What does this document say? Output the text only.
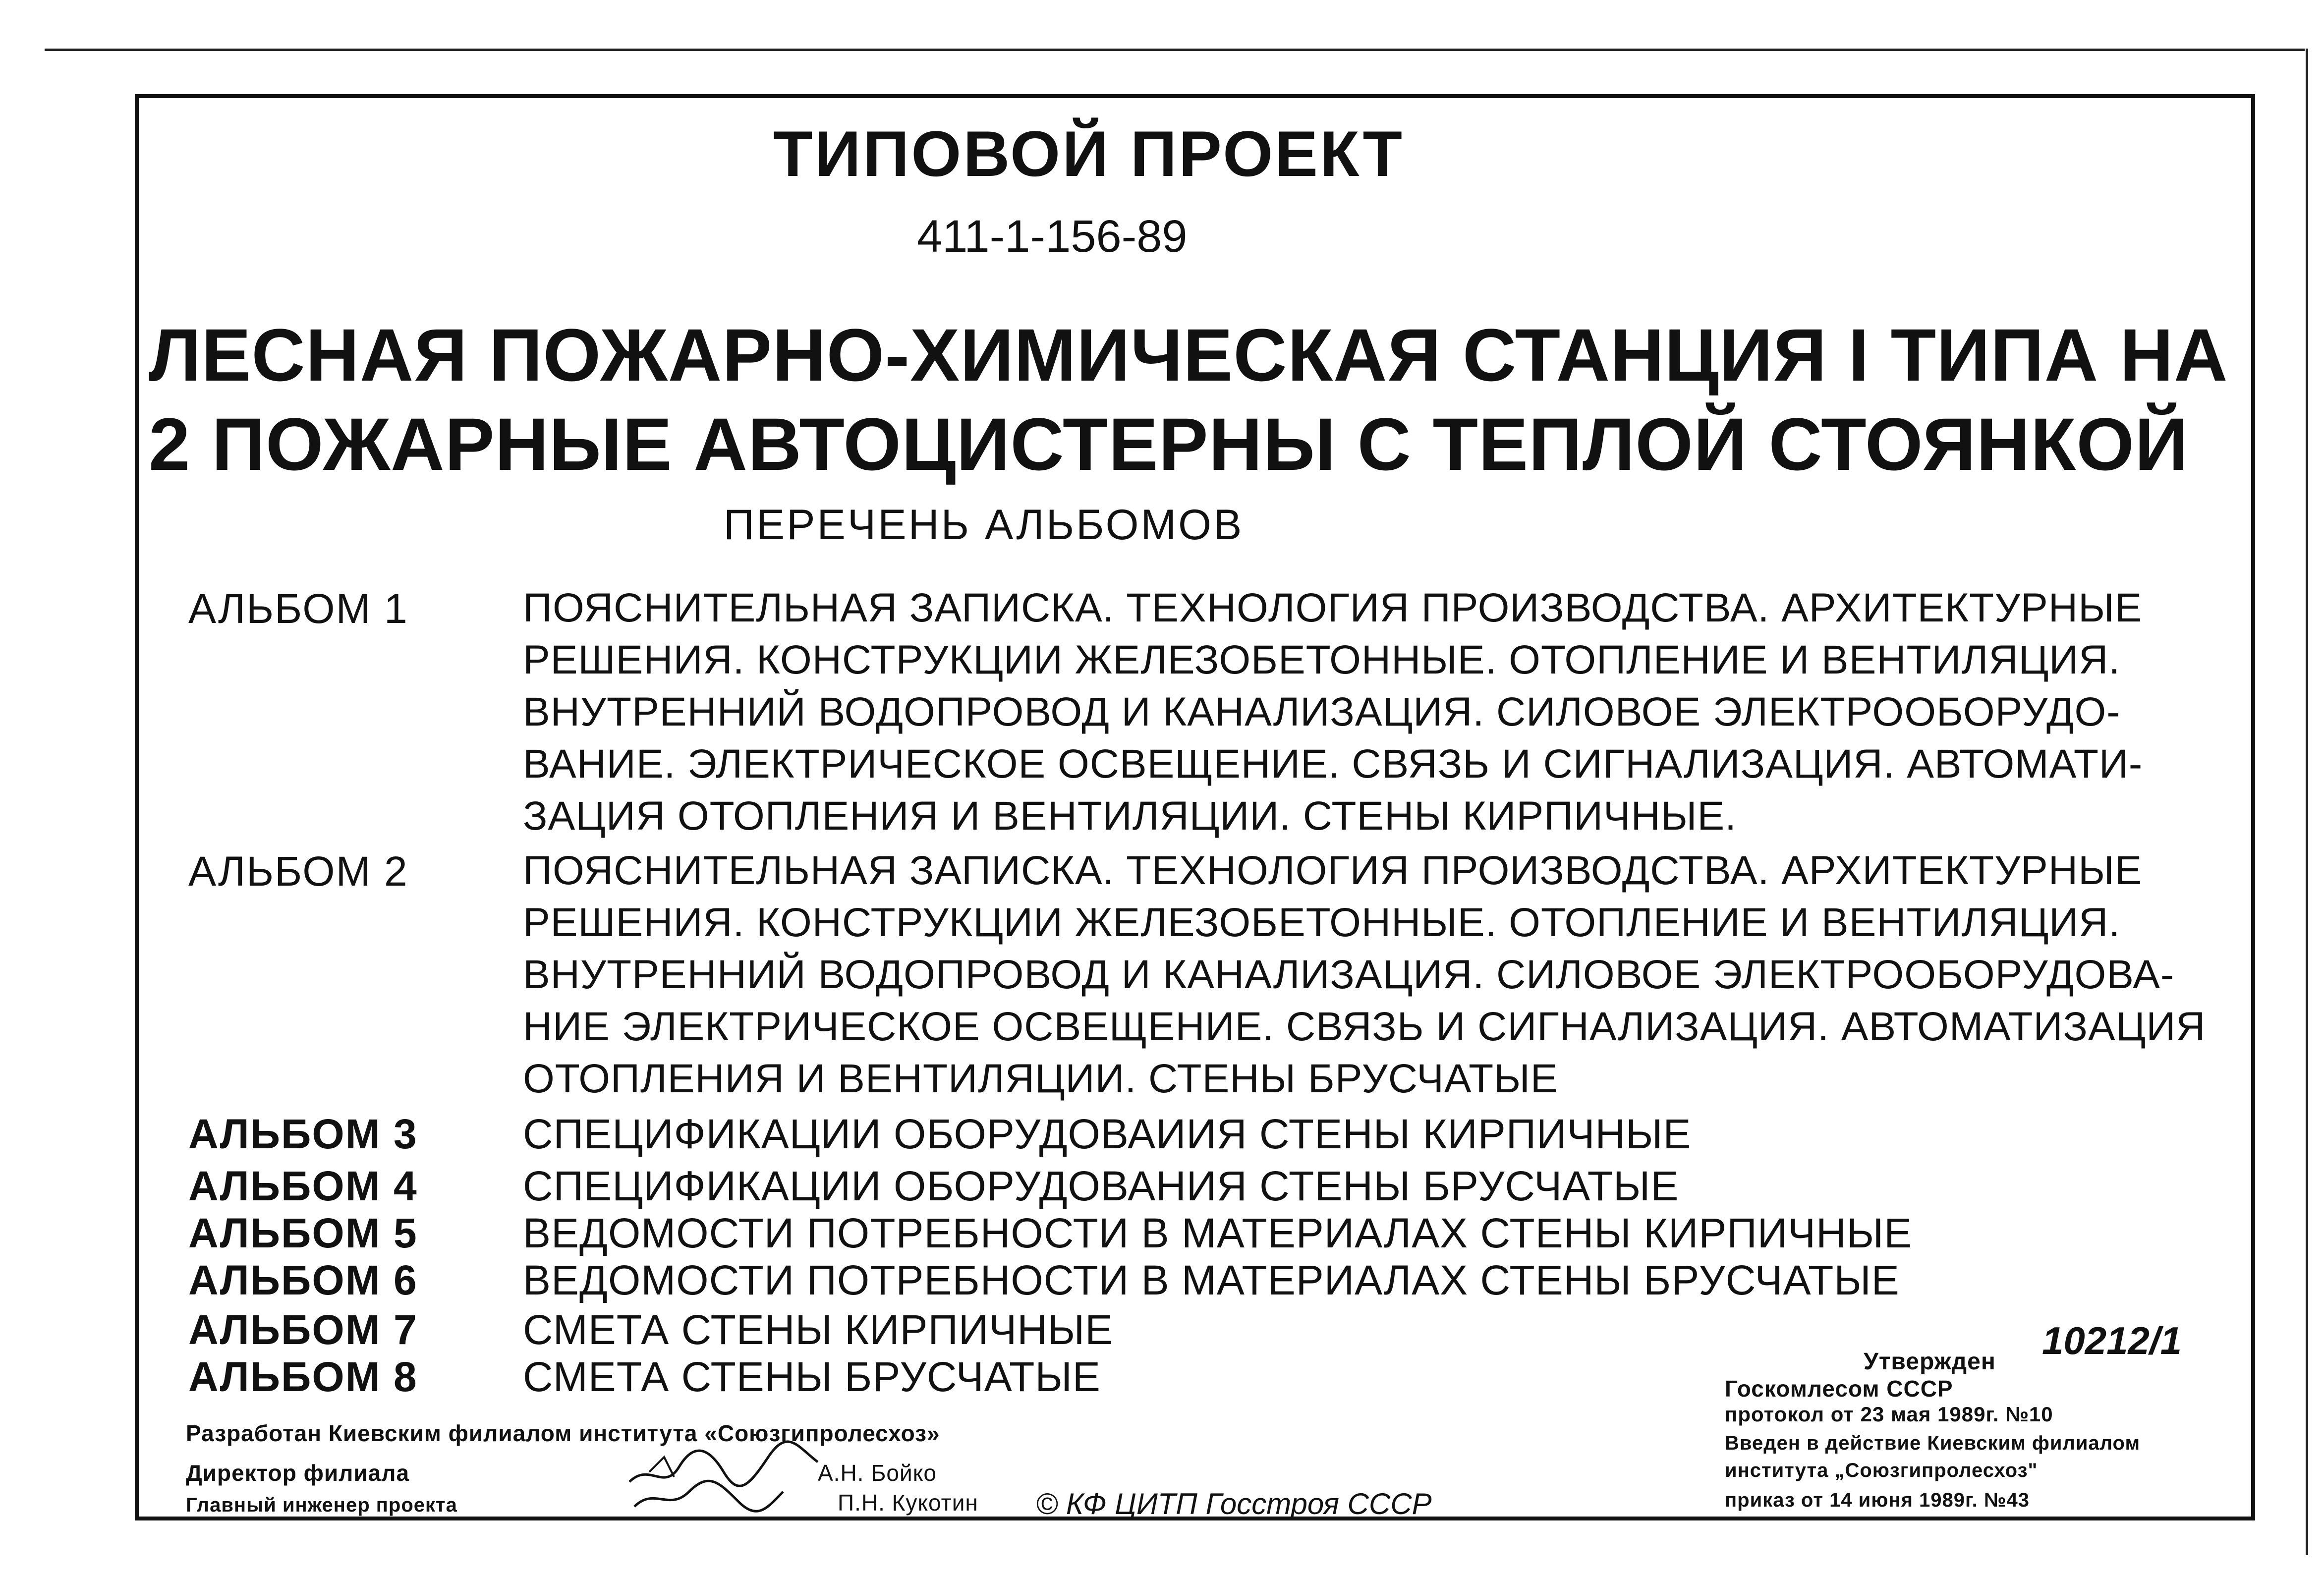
ТИПОВОЙ ПРОЕКТ
411-1-156-89
ЛЕСНАЯ ПОЖАРНО-ХИМИЧЕСКАЯ СТАНЦИЯ I ТИПА НА
2 ПОЖАРНЫЕ АВТОЦИСТЕРНЫ С ТЕПЛОЙ СТОЯНКОЙ
ПЕРЕЧЕНЬ АЛЬБОМОВ
АЛЬБОМ 1	ПОЯСНИТЕЛЬНАЯ ЗАПИСКА. ТЕХНОЛОГИЯ ПРОИЗВОДСТВА. АРХИТЕКТУРНЫЕ
РЕШЕНИЯ. КОНСТРУКЦИИ ЖЕЛЕЗОБЕТОННЫЕ. ОТОПЛЕНИЕ И ВЕНТИЛЯЦИЯ.
ВНУТРЕННИЙ ВОДОПРОВОД И КАНАЛИЗАЦИЯ. СИЛОВОЕ ЭЛЕКТРООБОРУДО-
ВАНИЕ. ЭЛЕКТРИЧЕСКОЕ ОСВЕЩЕНИЕ. СВЯЗЬ И СИГНАЛИЗАЦИЯ. АВТОМАТИ-
ЗАЦИЯ ОТОПЛЕНИЯ И ВЕНТИЛЯЦИИ. СТЕНЫ КИРПИЧНЫЕ.
АЛЬБОМ 2	ПОЯСНИТЕЛЬНАЯ ЗАПИСКА. ТЕХНОЛОГИЯ ПРОИЗВОДСТВА. АРХИТЕКТУРНЫЕ
РЕШЕНИЯ. КОНСТРУКЦИИ ЖЕЛЕЗОБЕТОННЫЕ. ОТОПЛЕНИЕ И ВЕНТИЛЯЦИЯ.
ВНУТРЕННИЙ ВОДОПРОВОД И КАНАЛИЗАЦИЯ. СИЛОВОЕ ЭЛЕКТРООБОРУДОВА-
НИЕ ЭЛЕКТРИЧЕСКОЕ ОСВЕЩЕНИЕ. СВЯЗЬ И СИГНАЛИЗАЦИЯ. АВТОМАТИЗАЦИЯ
ОТОПЛЕНИЯ И ВЕНТИЛЯЦИИ. СТЕНЫ БРУСЧАТЫЕ
АЛЬБОМ 3	СПЕЦИФИКАЦИИ ОБОРУДОВАИИЯ СТЕНЫ КИРПИЧНЫЕ
АЛЬБОМ 4	СПЕЦИФИКАЦИИ ОБОРУДОВАНИЯ СТЕНЫ БРУСЧАТЫЕ
АЛЬБОМ 5	ВЕДОМОСТИ ПОТРЕБНОСТИ В МАТЕРИАЛАХ СТЕНЫ КИРПИЧНЫЕ
АЛЬБОМ 6	ВЕДОМОСТИ ПОТРЕБНОСТИ В МАТЕРИАЛАХ СТЕНЫ БРУСЧАТЫЕ
АЛЬБОМ 7	СМЕТА СТЕНЫ КИРПИЧНЫЕ
АЛЬБОМ 8	СМЕТА СТЕНЫ БРУСЧАТЫЕ
Разработан Киевским филиалом института «Союзгипролесхоз»
Директор филиала
Главный инженер проекта
А.Н. Бойко
П.Н. Кукотин © КФ ЦИТП Госстроя СССР
10212/1
Утвержден
Госкомлесом СССР
протокол от 23 мая 1989г. №10
Введен в действие Киевским филиалом
института „Союзгипролесхоз"
приказ от 14 июня 1989г. №43
